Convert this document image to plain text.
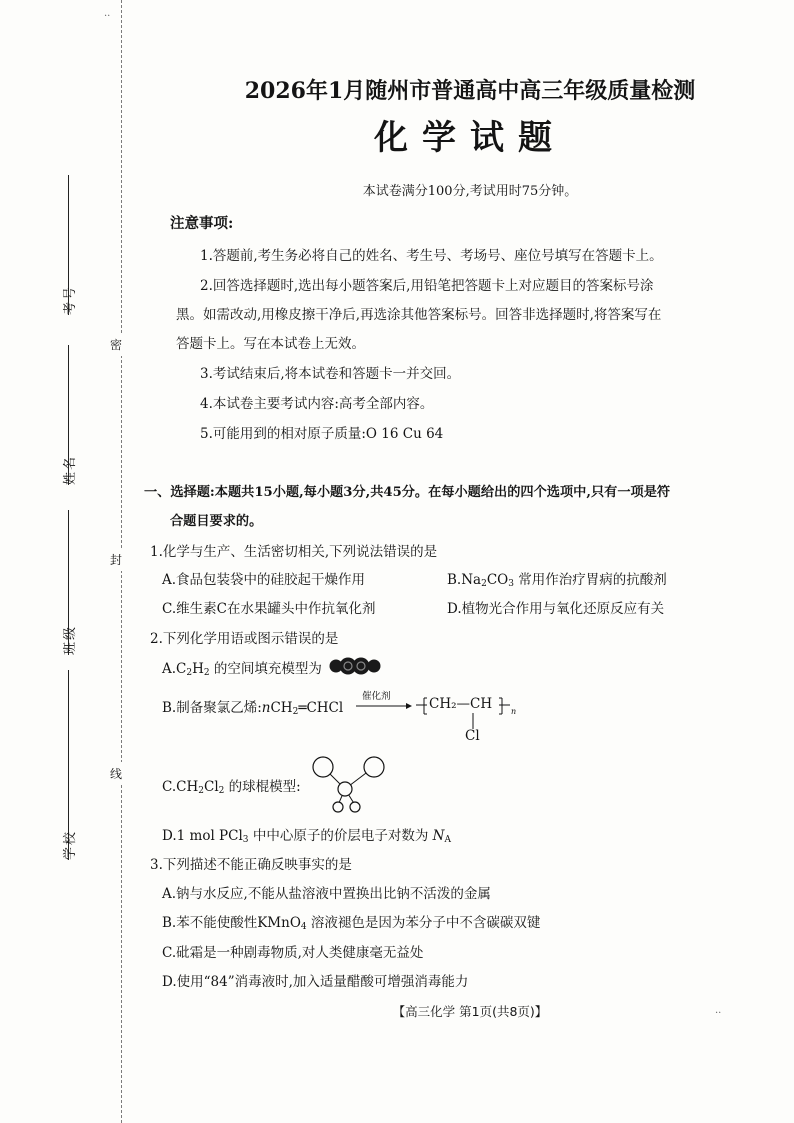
..
密
封
线
考号
姓名
班级
学校
2026年1月随州市普通高中高三年级质量检测
化学试题
本试卷满分100分,考试用时75分钟。
注意事项:
1.答题前,考生务必将自己的姓名、考生号、考场号、座位号填写在答题卡上。
2.回答选择题时,选出每小题答案后,用铅笔把答题卡上对应题目的答案标号涂
黑。如需改动,用橡皮擦干净后,再选涂其他答案标号。回答非选择题时,将答案写在
答题卡上。写在本试卷上无效。
3.考试结束后,将本试卷和答题卡一并交回。
4.本试卷主要考试内容:高考全部内容。
5.可能用到的相对原子质量:O 16 Cu 64
一、选择题:本题共15小题,每小题3分,共45分。在每小题给出的四个选项中,只有一项是符
合题目要求的。
1.化学与生产、生活密切相关,下列说法错误的是
A.食品包装袋中的硅胶起干燥作用	$B.Na_2CO_3$ 常用作治疗胃病的抗酸剂
C.维生素C在水果罐头中作抗氧化剂	D.植物光合作用与氧化还原反应有关
2.下列化学用语或图示错误的是
$A.C_2H_2$ 的空间填充模型为
B.制备聚氯乙烯:nCH$_2$═CHCl
催化剂 → CH₂—CH n
Cl
$C.CH_2Cl_2$ 的球棍模型:
D.1 mol PCl$_3$ 中中心原子的价层电子对数为 $N_A$
3.下列描述不能正确反映事实的是
A.钠与水反应,不能从盐溶液中置换出比钠不活泼的金属
B.苯不能使酸性KMnO$_4$ 溶液褪色是因为苯分子中不含碳碳双键
C.砒霜是一种剧毒物质,对人类健康毫无益处
D.使用“84”消毒液时,加入适量醋酸可增强消毒能力
【高三化学 第1页(共8页)】	..
